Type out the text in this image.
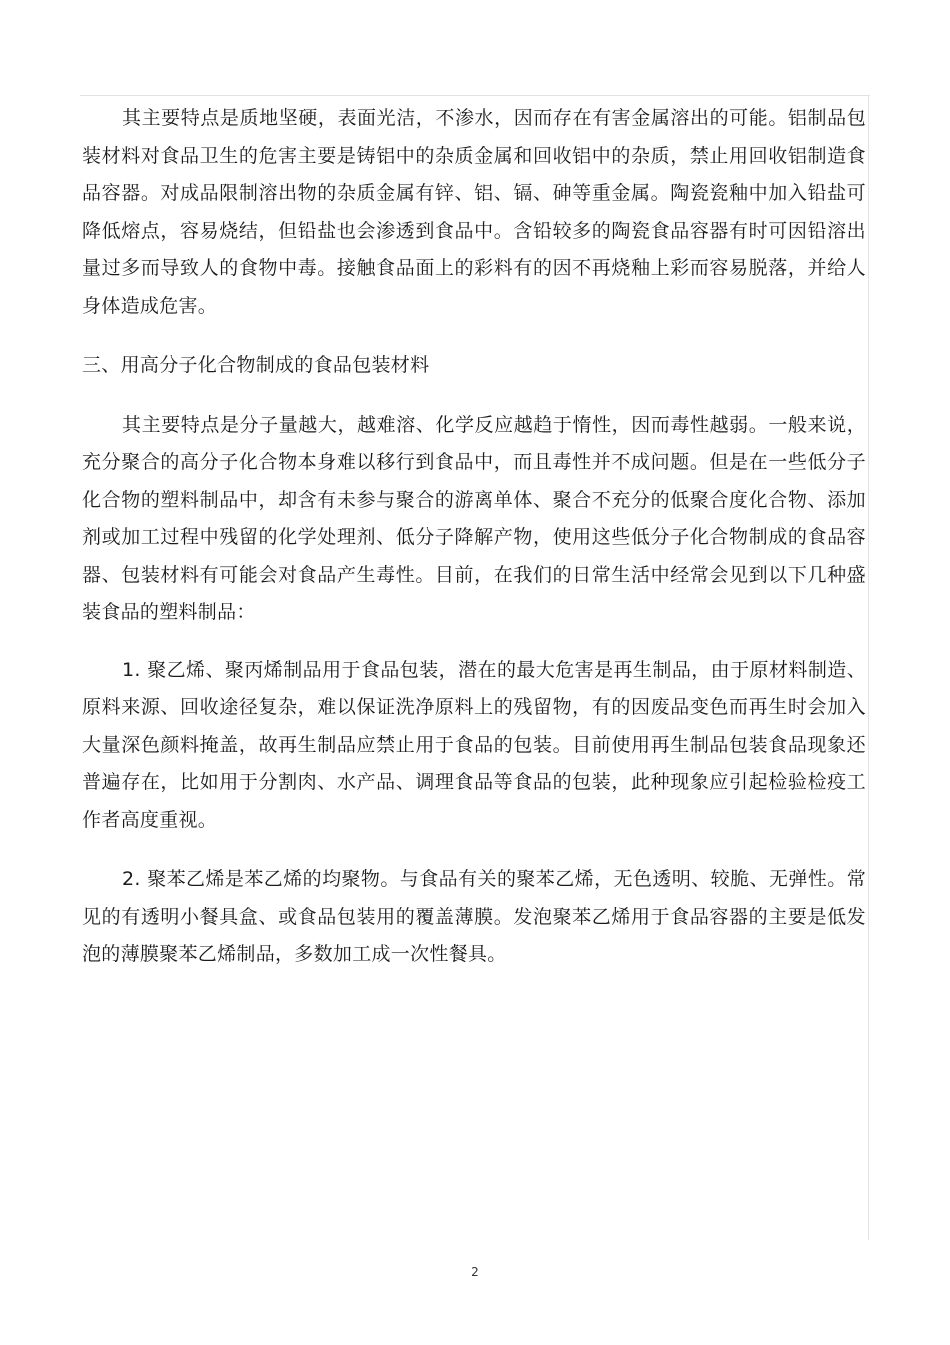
其主要特点是质地坚硬，表面光洁，不渗水，因而存在有害金属溶出的可能。铝制品包装材料对食品卫生的危害主要是铸铝中的杂质金属和回收铝中的杂质，禁止用回收铝制造食品容器。对成品限制溶出物的杂质金属有锌、铝、镉、砷等重金属。陶瓷瓷釉中加入铅盐可降低熔点，容易烧结，但铅盐也会渗透到食品中。含铅较多的陶瓷食品容器有时可因铅溶出量过多而导致人的食物中毒。接触食品面上的彩料有的因不再烧釉上彩而容易脱落，并给人身体造成危害。

三、用高分子化合物制成的食品包装材料

其主要特点是分子量越大，越难溶、化学反应越趋于惰性，因而毒性越弱。一般来说，充分聚合的高分子化合物本身难以移行到食品中，而且毒性并不成问题。但是在一些低分子化合物的塑料制品中，却含有未参与聚合的游离单体、聚合不充分的低聚合度化合物、添加剂或加工过程中残留的化学处理剂、低分子降解产物，使用这些低分子化合物制成的食品容器、包装材料有可能会对食品产生毒性。目前，在我们的日常生活中经常会见到以下几种盛装食品的塑料制品：

1. 聚乙烯、聚丙烯制品用于食品包装，潜在的最大危害是再生制品，由于原材料制造、原料来源、回收途径复杂，难以保证洗净原料上的残留物，有的因废品变色而再生时会加入大量深色颜料掩盖，故再生制品应禁止用于食品的包装。目前使用再生制品包装食品现象还普遍存在，比如用于分割肉、水产品、调理食品等食品的包装，此种现象应引起检验检疫工作者高度重视。

2. 聚苯乙烯是苯乙烯的均聚物。与食品有关的聚苯乙烯，无色透明、较脆、无弹性。常见的有透明小餐具盒、或食品包装用的覆盖薄膜。发泡聚苯乙烯用于食品容器的主要是低发泡的薄膜聚苯乙烯制品，多数加工成一次性餐具。

2
